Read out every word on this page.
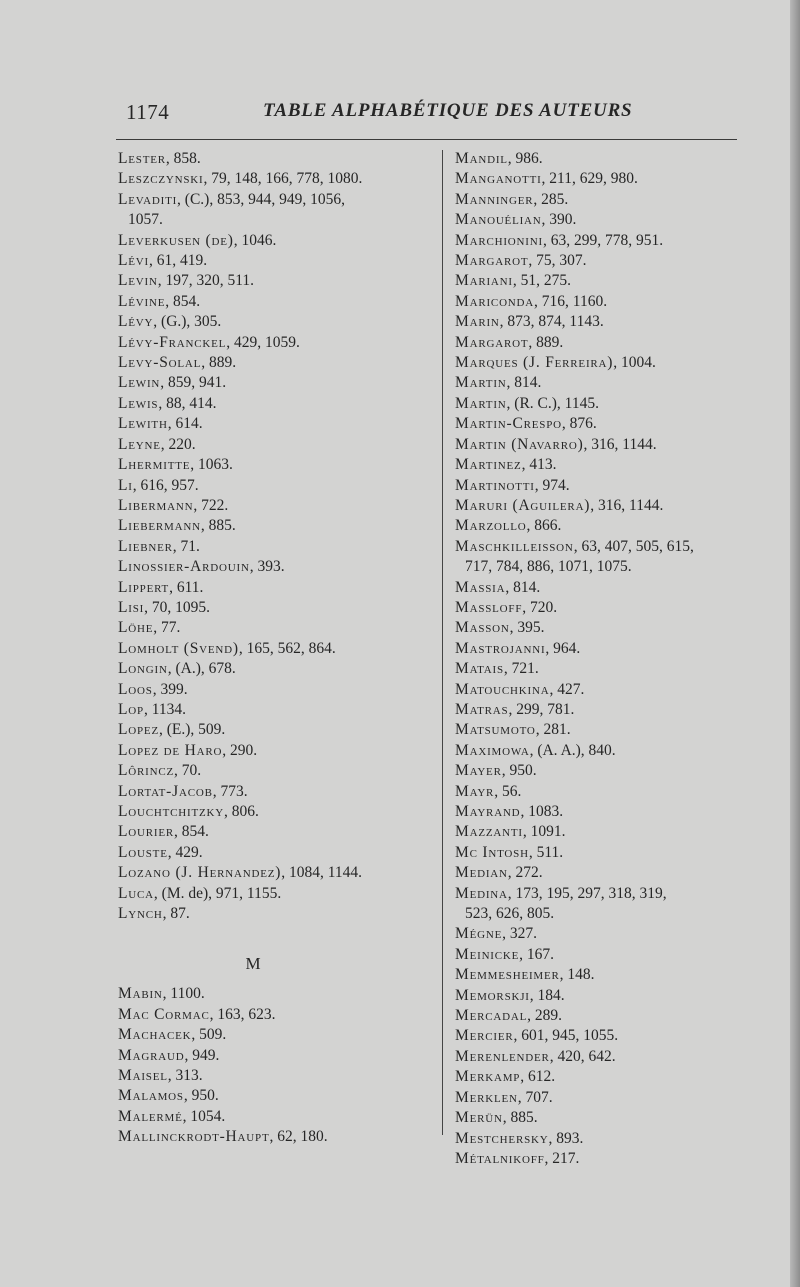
1174	TABLE ALPHABÉTIQUE DES AUTEURS
Lester, 858.
Leszczynski, 79, 148, 166, 778, 1080.
Levaditi, (C.), 853, 944, 949, 1056,
1057.
Leverkusen (de), 1046.
Lévi, 61, 419.
Levin, 197, 320, 511.
Lévine, 854.
Lévy, (G.), 305.
Lévy-Franckel, 429, 1059.
Levy-Solal, 889.
Lewin, 859, 941.
Lewis, 88, 414.
Lewith, 614.
Leyne, 220.
Lhermitte, 1063.
Li, 616, 957.
Libermann, 722.
Liebermann, 885.
Liebner, 71.
Linossier-Ardouin, 393.
Lippert, 611.
Lisi, 70, 1095.
Löhe, 77.
Lomholt (Svend), 165, 562, 864.
Longin, (A.), 678.
Loos, 399.
Lop, 1134.
Lopez, (E.), 509.
Lopez de Haro, 290.
Lôrincz, 70.
Lortat-Jacob, 773.
Louchtchitzky, 806.
Lourier, 854.
Louste, 429.
Lozano (J. Hernandez), 1084, 1144.
Luca, (M. de), 971, 1155.
Lynch, 87.
M
Mabin, 1100.
Mac Cormac, 163, 623.
Machacek, 509.
Magraud, 949.
Maisel, 313.
Malamos, 950.
Malermé, 1054.
Mallinckrodt-Haupt, 62, 180.
Mandil, 986.
Manganotti, 211, 629, 980.
Manninger, 285.
Manouélian, 390.
Marchionini, 63, 299, 778, 951.
Margarot, 75, 307.
Mariani, 51, 275.
Mariconda, 716, 1160.
Marin, 873, 874, 1143.
Margarot, 889.
Marques (J. Ferreira), 1004.
Martin, 814.
Martin, (R. C.), 1145.
Martin-Crespo, 876.
Martin (Navarro), 316, 1144.
Martinez, 413.
Martinotti, 974.
Maruri (Aguilera), 316, 1144.
Marzollo, 866.
Maschkilleisson, 63, 407, 505, 615,
717, 784, 886, 1071, 1075.
Massia, 814.
Massloff, 720.
Masson, 395.
Mastrojanni, 964.
Matais, 721.
Matouchkina, 427.
Matras, 299, 781.
Matsumoto, 281.
Maximowa, (A. A.), 840.
Mayer, 950.
Mayr, 56.
Mayrand, 1083.
Mazzanti, 1091.
Mc Intosh, 511.
Median, 272.
Medina, 173, 195, 297, 318, 319,
523, 626, 805.
Mégne, 327.
Meinicke, 167.
Memmesheimer, 148.
Memorskji, 184.
Mercadal, 289.
Mercier, 601, 945, 1055.
Merenlender, 420, 642.
Merkamp, 612.
Merklen, 707.
Merün, 885.
Mestchersky, 893.
Métalnikoff, 217.
